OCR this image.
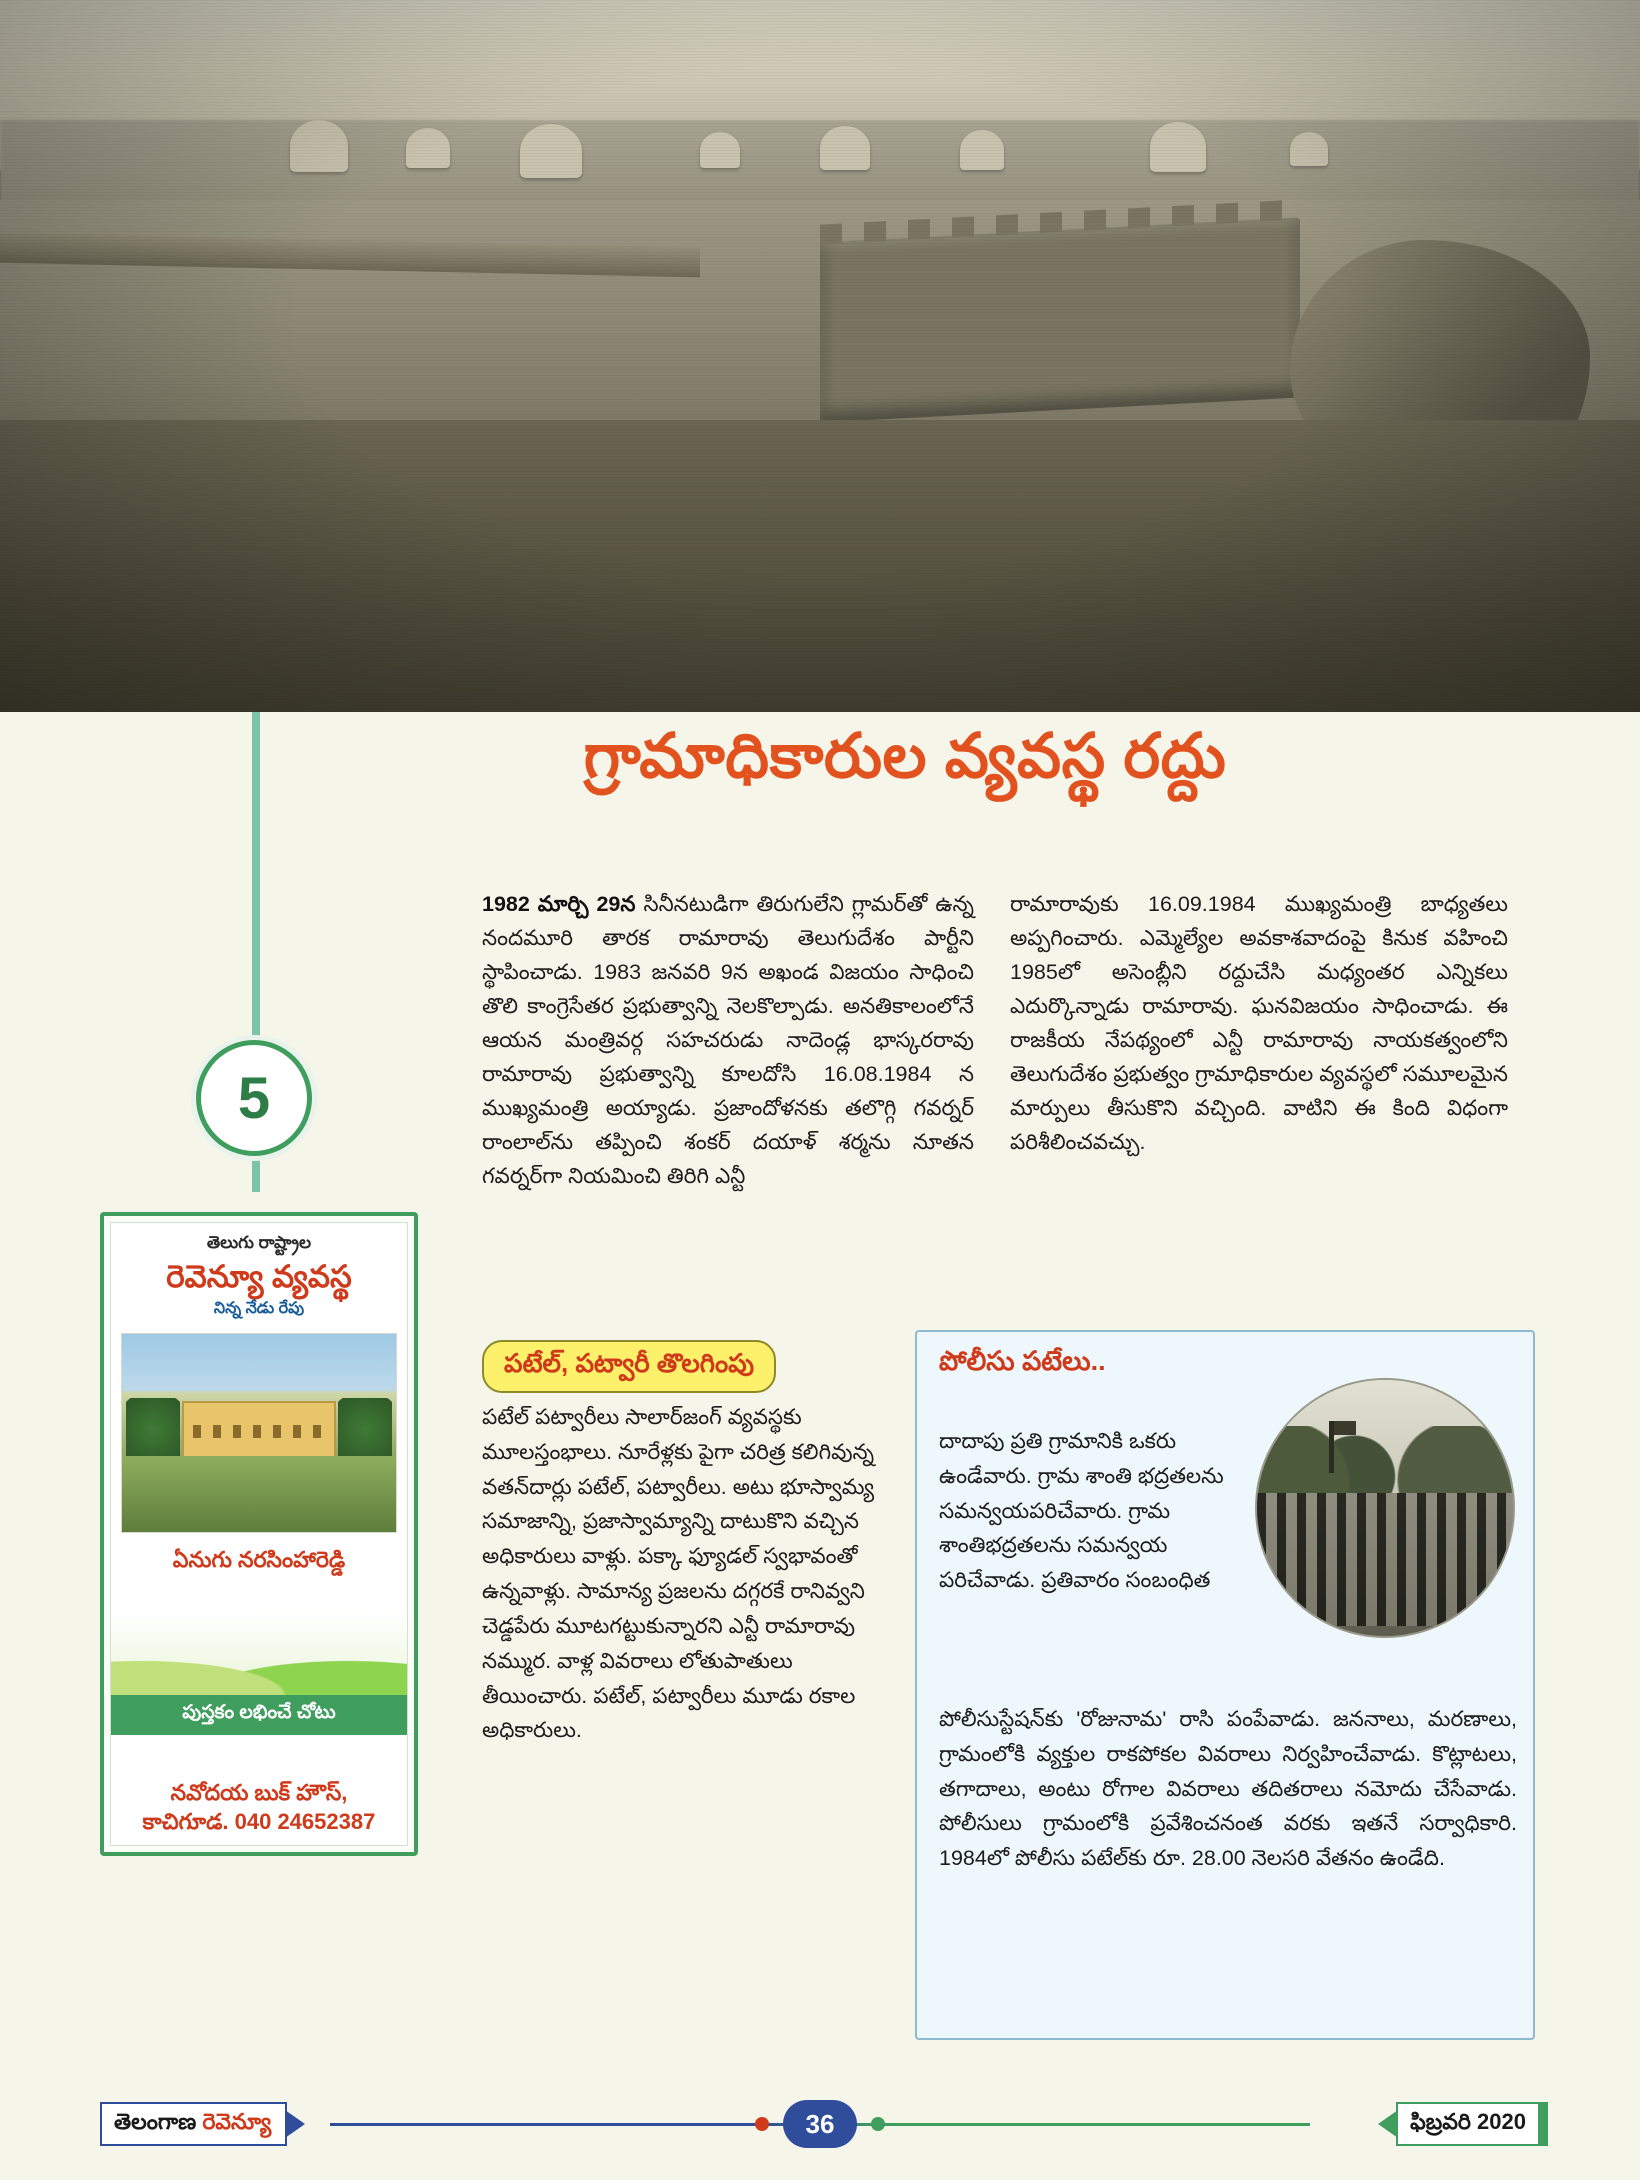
గ్రామాధికారుల వ్యవస్థ రద్దు
5
తెలుగు రాష్ట్రాల
రెవెన్యూ వ్యవస్థ
నిన్న నేడు రేపు
ఏనుగు నరసింహారెడ్డి
పుస్తకం లభించే చోటు
నవోదయ బుక్ హౌస్,
కాచిగూడ. 040 24652387

1982 మార్చి 29న సినీనటుడిగా తిరుగులేని గ్లామర్‌తో ఉన్న నందమూరి తారక రామారావు తెలుగుదేశం పార్టీని స్థాపించాడు. 1983 జనవరి 9న అఖండ విజయం సాధించి తొలి కాంగ్రెసేతర ప్రభుత్వాన్ని నెలకొల్పాడు. అనతికాలంలోనే ఆయన మంత్రివర్గ సహచరుడు నాదెండ్ల భాస్కరరావు రామారావు ప్రభుత్వాన్ని కూలదోసి 16.08.1984 న ముఖ్యమంత్రి అయ్యాడు. ప్రజాందోళనకు తలొగ్గి గవర్నర్ రాంలాల్‌ను తప్పించి శంకర్ దయాళ్ శర్మను నూతన గవర్నర్‌గా నియమించి తిరిగి ఎన్టీ

రామారావుకు 16.09.1984 ముఖ్యమంత్రి బాధ్యతలు అప్పగించారు. ఎమ్మెల్యేల అవకాశవాదంపై కినుక వహించి 1985లో అసెంబ్లీని రద్దుచేసి మధ్యంతర ఎన్నికలు ఎదుర్కొన్నాడు రామారావు. ఘనవిజయం సాధించాడు. ఈ రాజకీయ నేపథ్యంలో ఎన్టీ రామారావు నాయకత్వంలోని తెలుగుదేశం ప్రభుత్వం గ్రామాధికారుల వ్యవస్థలో సమూలమైన మార్పులు తీసుకొని వచ్చింది. వాటిని ఈ కింది విధంగా పరిశీలించవచ్చు.

పటేల్, పట్వారీ తొలగింపు
పటేల్ పట్వారీలు సాలార్‌జంగ్ వ్యవస్థకు మూలస్తంభాలు. నూరేళ్లకు పైగా చరిత్ర కలిగివున్న వతన్‌దార్లు పటేల్, పట్వారీలు. అటు భూస్వామ్య సమాజాన్ని, ప్రజాస్వామ్యాన్ని దాటుకొని వచ్చిన అధికారులు వాళ్లు. పక్కా ఫ్యూడల్ స్వభావంతో ఉన్నవాళ్లు. సామాన్య ప్రజలను దగ్గరకే రానివ్వని చెడ్డపేరు మూటగట్టుకున్నారని ఎన్టీ రామారావు నమ్ముర. వాళ్ల వివరాలు లోతుపాతులు తీయించారు. పటేల్, పట్వారీలు మూడు రకాల అధికారులు.
పోలీసు పటేలు..
దాదాపు ప్రతి గ్రామానికి ఒకరు ఉండేవారు. గ్రామ శాంతి భద్రతలను సమన్వయపరిచేవారు. గ్రామ శాంతిభద్రతలను సమన్వయ పరిచేవాడు. ప్రతివారం సంబంధిత
పోలీసుస్టేషన్‌కు 'రోజునామ' రాసి పంపేవాడు. జననాలు, మరణాలు, గ్రామంలోకి వ్యక్తుల రాకపోకల వివరాలు నిర్వహించేవాడు. కొట్లాటలు, తగాదాలు, అంటు రోగాల వివరాలు తదితరాలు నమోదు చేసేవాడు. పోలీసులు గ్రామంలోకి ప్రవేశించనంత వరకు ఇతనే సర్వాధికారి. 1984లో పోలీసు పటేల్‌కు రూ. 28.00 నెలసరి వేతనం ఉండేది.
తెలంగాణ రెవెన్యూ	36	ఫిబ్రవరి 2020
